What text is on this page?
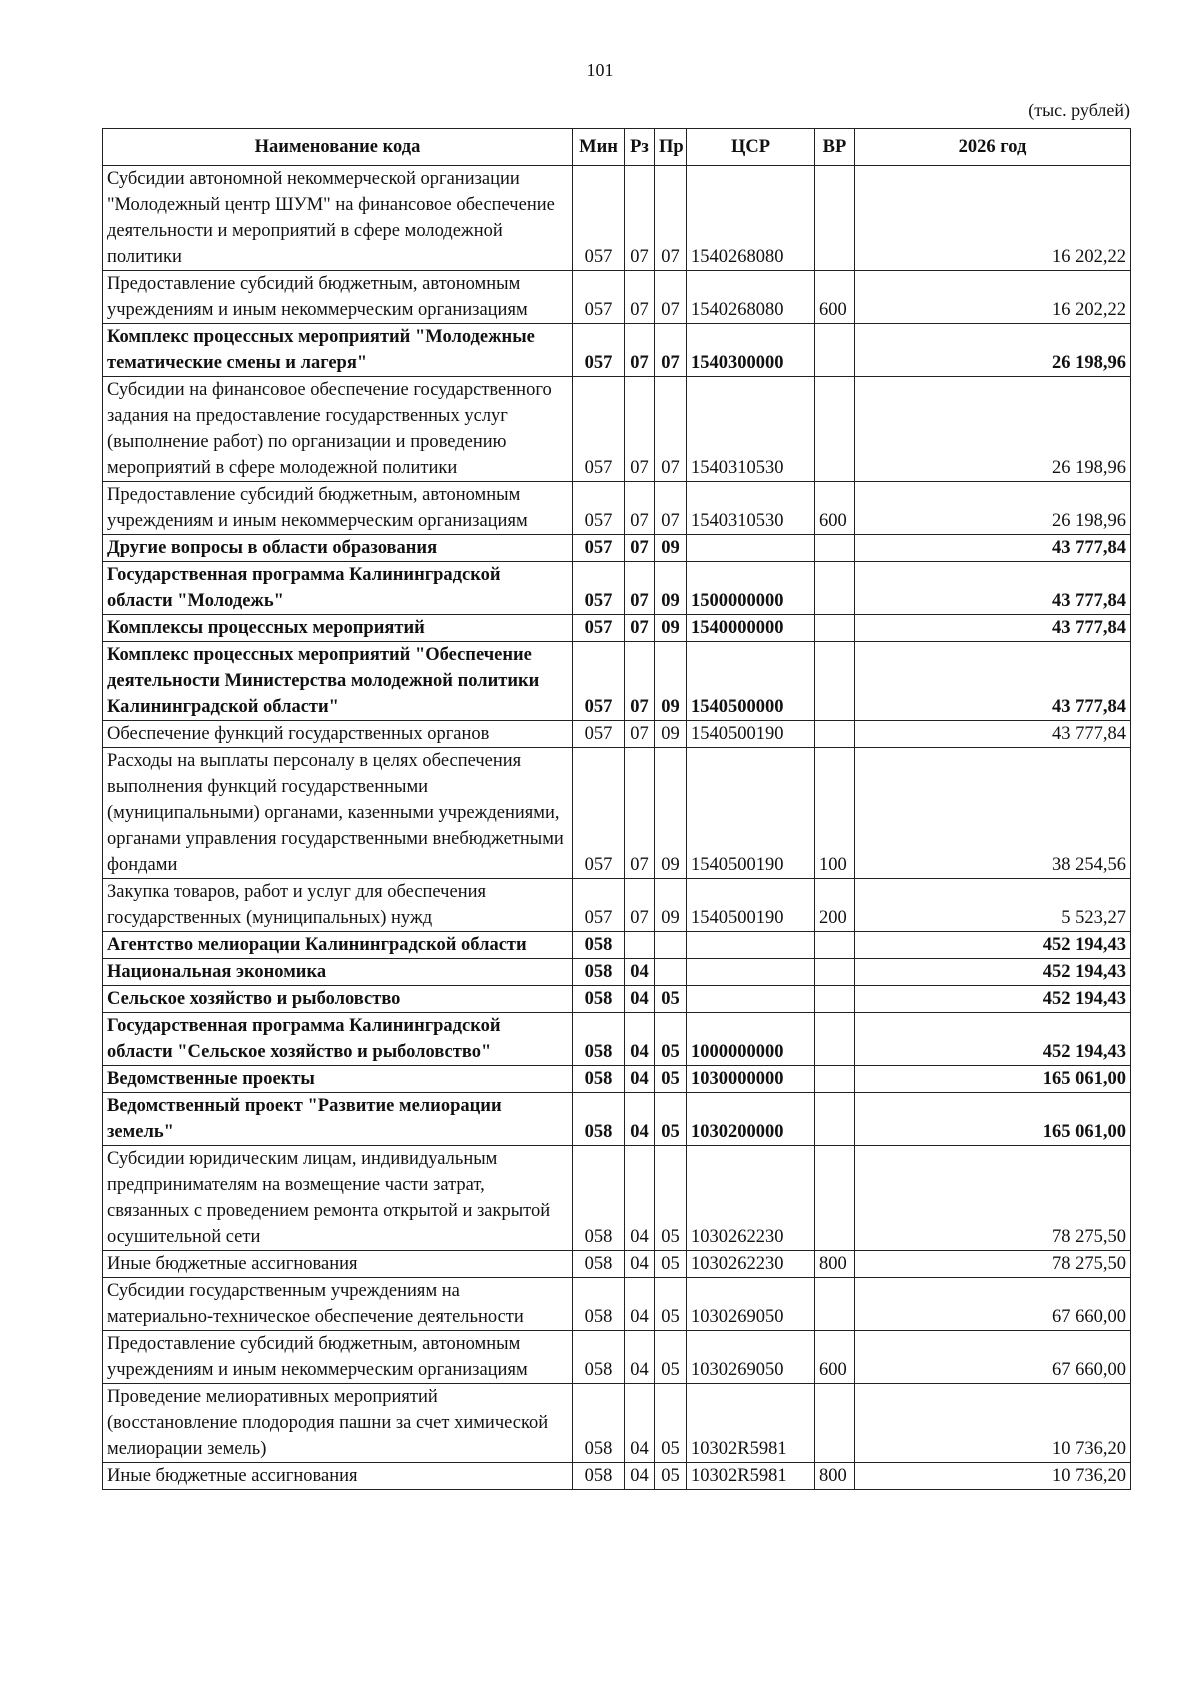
101
(тыс. рублей)
Наименование кода	Мин	Рз	Пр	ЦСР	ВР	2026 год
Субсидии автономной некоммерческой организации "Молодежный центр ШУМ" на финансовое обеспечение деятельности и мероприятий в сфере молодежной политики	057	07	07	1540268080		16 202,22
Предоставление субсидий бюджетным, автономным учреждениям и иным некоммерческим организациям	057	07	07	1540268080	600	16 202,22
Комплекс процессных мероприятий "Молодежные тематические смены и лагеря"	057	07	07	1540300000		26 198,96
Субсидии на финансовое обеспечение государственного задания на предоставление государственных услуг (выполнение работ) по организации и проведению мероприятий в сфере молодежной политики	057	07	07	1540310530		26 198,96
Предоставление субсидий бюджетным, автономным учреждениям и иным некоммерческим организациям	057	07	07	1540310530	600	26 198,96
Другие вопросы в области образования	057	07	09			43 777,84
Государственная программа Калининградской области "Молодежь"	057	07	09	1500000000		43 777,84
Комплексы процессных мероприятий	057	07	09	1540000000		43 777,84
Комплекс процессных мероприятий "Обеспечение деятельности Министерства молодежной политики Калининградской области"	057	07	09	1540500000		43 777,84
Обеспечение функций государственных органов	057	07	09	1540500190		43 777,84
Расходы на выплаты персоналу в целях обеспечения выполнения функций государственными (муниципальными) органами, казенными учреждениями, органами управления государственными внебюджетными фондами	057	07	09	1540500190	100	38 254,56
Закупка товаров, работ и услуг для обеспечения государственных (муниципальных) нужд	057	07	09	1540500190	200	5 523,27
Агентство мелиорации Калининградской области	058					452 194,43
Национальная экономика	058	04				452 194,43
Сельское хозяйство и рыболовство	058	04	05			452 194,43
Государственная программа Калининградской области "Сельское хозяйство и рыболовство"	058	04	05	1000000000		452 194,43
Ведомственные проекты	058	04	05	1030000000		165 061,00
Ведомственный проект "Развитие мелиорации земель"	058	04	05	1030200000		165 061,00
Субсидии юридическим лицам, индивидуальным предпринимателям на возмещение части затрат, связанных с проведением ремонта открытой и закрытой осушительной сети	058	04	05	1030262230		78 275,50
Иные бюджетные ассигнования	058	04	05	1030262230	800	78 275,50
Субсидии государственным учреждениям на материально-техническое обеспечение деятельности	058	04	05	1030269050		67 660,00
Предоставление субсидий бюджетным, автономным учреждениям и иным некоммерческим организациям	058	04	05	1030269050	600	67 660,00
Проведение мелиоративных мероприятий (восстановление плодородия пашни за счет химической мелиорации земель)	058	04	05	10302R5981		10 736,20
Иные бюджетные ассигнования	058	04	05	10302R5981	800	10 736,20
